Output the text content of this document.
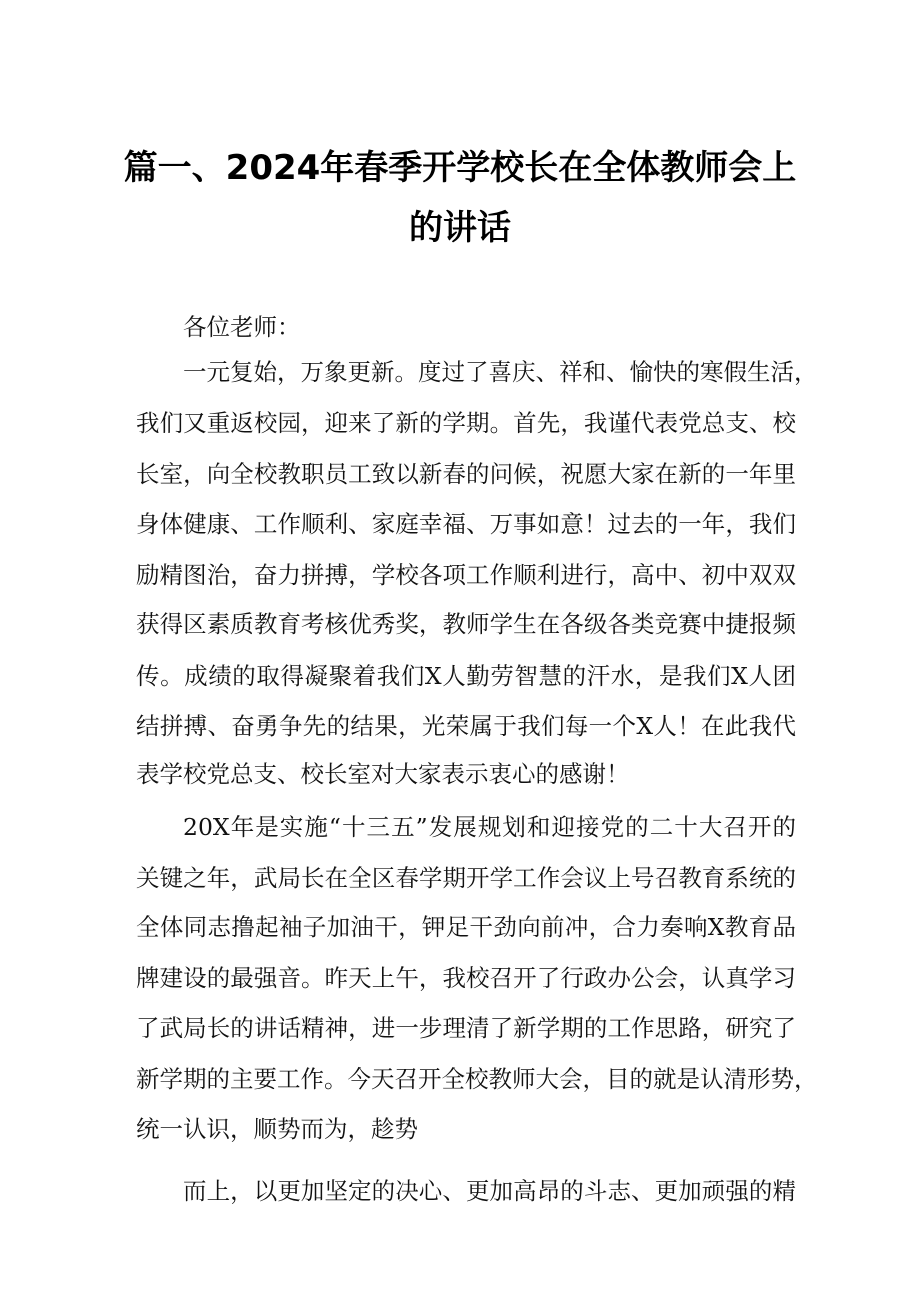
篇一、2024年春季开学校长在全体教师会上
的讲话
各位老师：
一元复始，万象更新。度过了喜庆、祥和、愉快的寒假生活，
我们又重返校园，迎来了新的学期。首先，我谨代表党总支、校
长室，向全校教职员工致以新春的问候，祝愿大家在新的一年里
身体健康、工作顺利、家庭幸福、万事如意！过去的一年，我们
励精图治，奋力拼搏，学校各项工作顺利进行，高中、初中双双
获得区素质教育考核优秀奖，教师学生在各级各类竞赛中捷报频
传。成绩的取得凝聚着我们X人勤劳智慧的汗水，是我们X人团
结拼搏、奋勇争先的结果，光荣属于我们每一个X人！在此我代
表学校党总支、校长室对大家表示衷心的感谢！
20X年是实施“十三五”发展规划和迎接党的二十大召开的
关键之年，武局长在全区春学期开学工作会议上号召教育系统的
全体同志撸起袖子加油干，钾足干劲向前冲，合力奏响X教育品
牌建设的最强音。昨天上午，我校召开了行政办公会，认真学习
了武局长的讲话精神，进一步理清了新学期的工作思路，研究了
新学期的主要工作。今天召开全校教师大会，目的就是认清形势，
统一认识，顺势而为，趁势
而上，以更加坚定的决心、更加高昂的斗志、更加顽强的精
